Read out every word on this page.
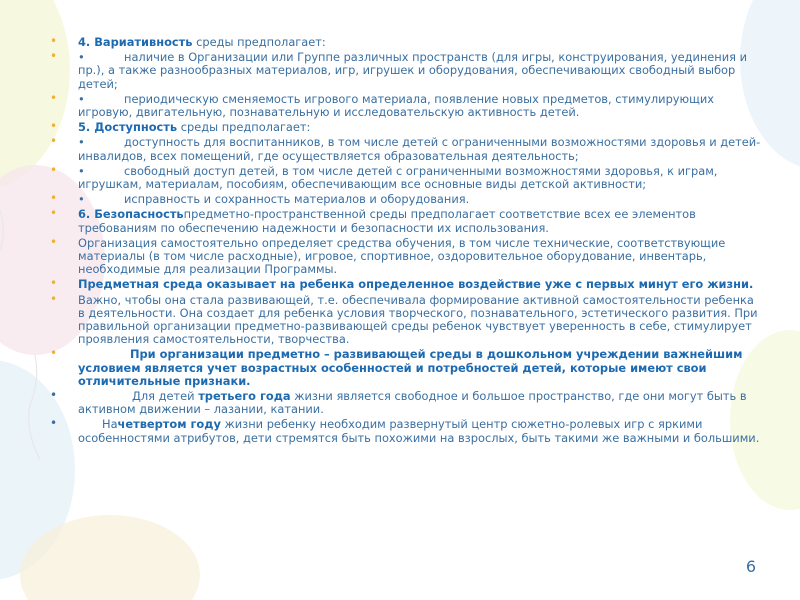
• 4. Вариативность среды предполагает:
• •	наличие в Организации или Группе различных пространств (для игры, конструирования, уединения и пр.), а также разнообразных материалов, игр, игрушек и оборудования, обеспечивающих свободный выбор детей;
• •	периодическую сменяемость игрового материала, появление новых предметов, стимулирующих игровую, двигательную, познавательную и исследовательскую активность детей.
• 5. Доступность среды предполагает:
• •	доступность для воспитанников, в том числе детей с ограниченными возможностями здоровья и детей-инвалидов, всех помещений, где осуществляется образовательная деятельность;
• •	свободный доступ детей, в том числе детей с ограниченными возможностями здоровья, к играм, игрушкам, материалам, пособиям, обеспечивающим все основные виды детской активности;
• •	исправность и сохранность материалов и оборудования.
• 6. Безопасностьпредметно-пространственной среды предполагает соответствие всех ее элементов требованиям по обеспечению надежности и безопасности их использования.
• Организация самостоятельно определяет средства обучения, в том числе технические, соответствующие материалы (в том числе расходные), игровое, спортивное, оздоровительное оборудование, инвентарь, необходимые для реализации Программы.
• Предметная среда оказывает на ребенка определенное воздействие уже с первых минут его жизни.
• Важно, чтобы она стала развивающей, т.е. обеспечивала формирование активной самостоятельности ребенка в деятельности. Она создает для ребенка условия творческого, познавательного, эстетического развития. При правильной организации предметно-развивающей среды ребенок чувствует уверенность в себе, стимулирует проявления самостоятельности, творчества.
•	При организации предметно – развивающей среды в дошкольном учреждении важнейшим условием является учет возрастных особенностей и потребностей детей, которые имеют свои отличительные признаки.
•	Для детей третьего года жизни является свободное и большое пространство, где они могут быть в активном движении – лазании, катании.
•	Начетвертом году жизни ребенку необходим развернутый центр сюжетно-ролевых игр с яркими особенностями атрибутов, дети стремятся быть похожими на взрослых, быть такими же важными и большими.
6
